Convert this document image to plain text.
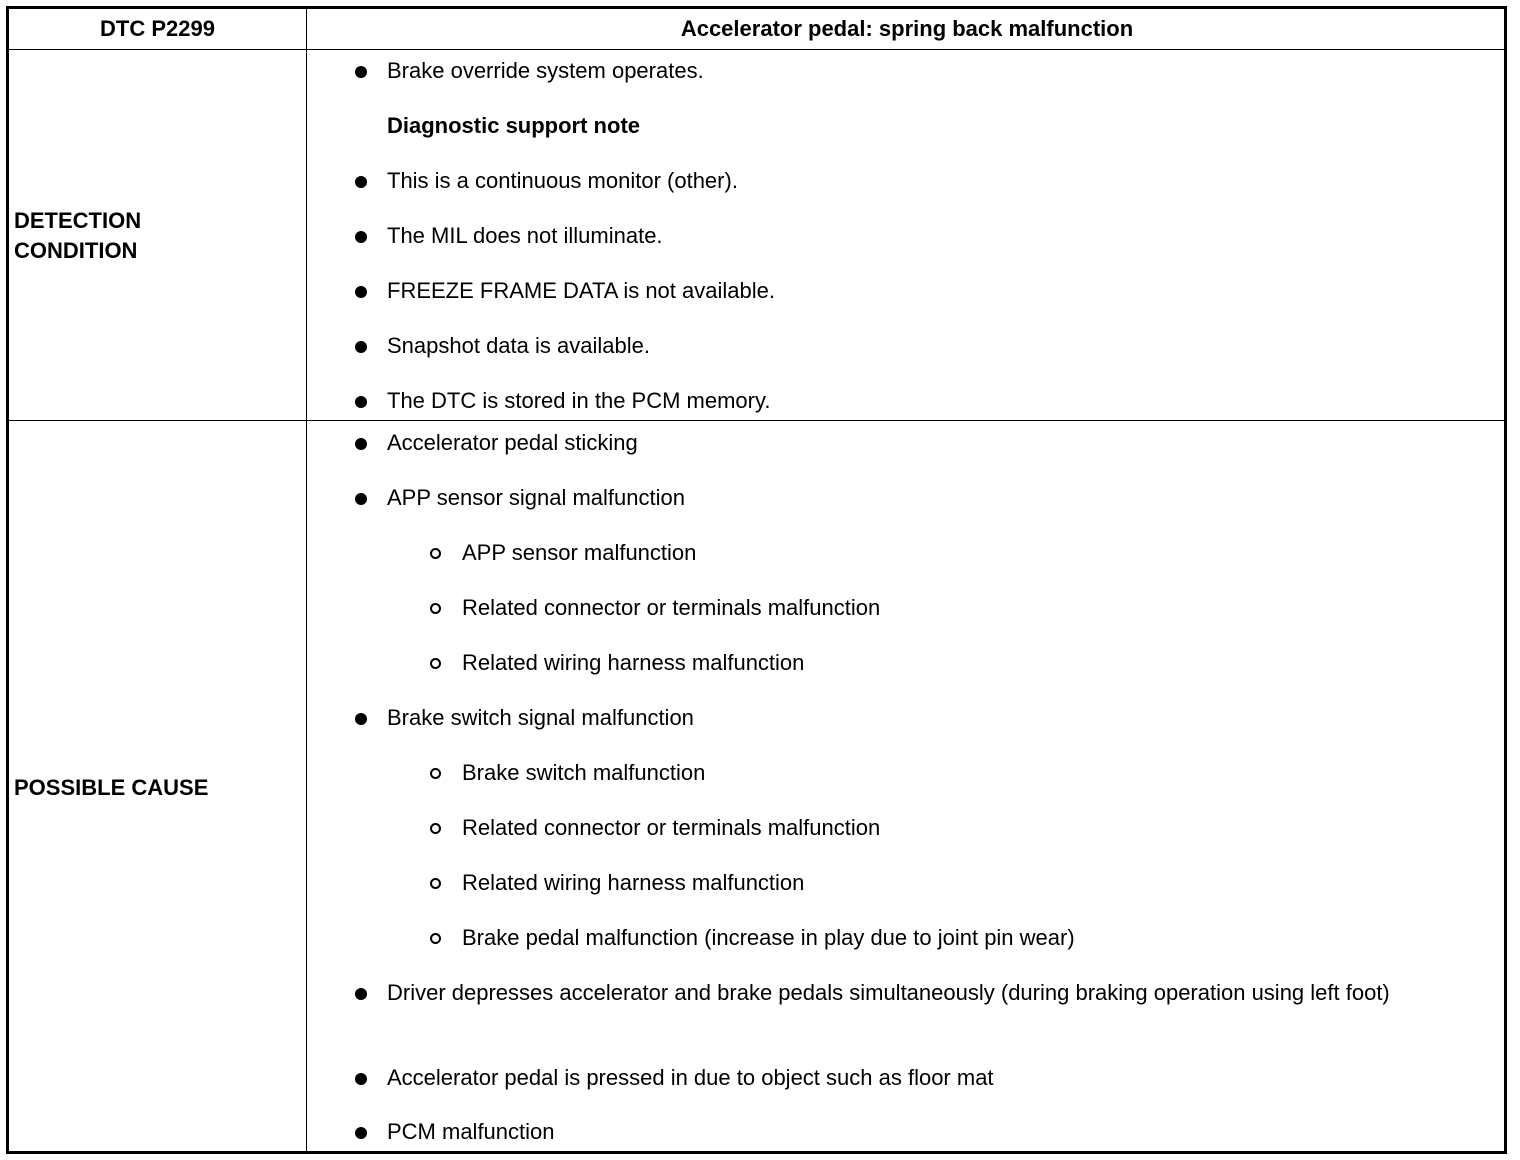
DTC P2299	Accelerator pedal: spring back malfunction
DETECTION
CONDITION
Brake override system operates.
Diagnostic support note
This is a continuous monitor (other).
The MIL does not illuminate.
FREEZE FRAME DATA is not available.
Snapshot data is available.
The DTC is stored in the PCM memory.
POSSIBLE CAUSE
Accelerator pedal sticking
APP sensor signal malfunction
APP sensor malfunction
Related connector or terminals malfunction
Related wiring harness malfunction
Brake switch signal malfunction
Brake switch malfunction
Related connector or terminals malfunction
Related wiring harness malfunction
Brake pedal malfunction (increase in play due to joint pin wear)
Driver depresses accelerator and brake pedals simultaneously (during braking operation using left foot)
Accelerator pedal is pressed in due to object such as floor mat
PCM malfunction
